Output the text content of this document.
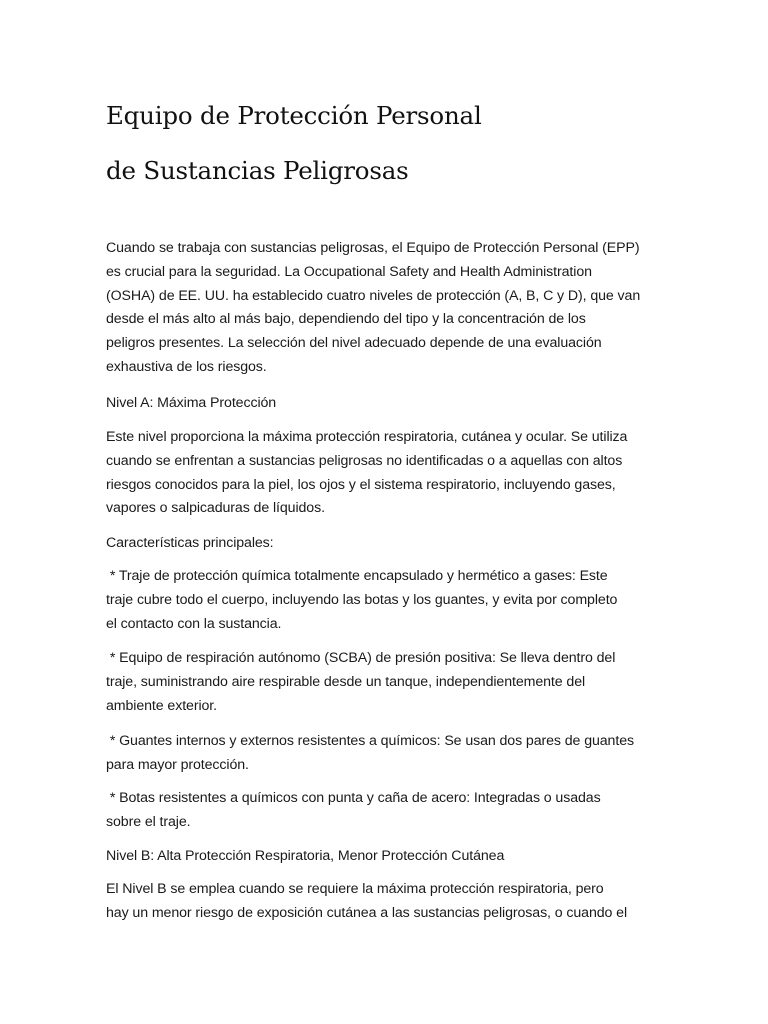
Equipo de Protección Personal
de Sustancias Peligrosas

Cuando se trabaja con sustancias peligrosas, el Equipo de Protección Personal (EPP)
es crucial para la seguridad. La Occupational Safety and Health Administration
(OSHA) de EE. UU. ha establecido cuatro niveles de protección (A, B, C y D), que van
desde el más alto al más bajo, dependiendo del tipo y la concentración de los
peligros presentes. La selección del nivel adecuado depende de una evaluación
exhaustiva de los riesgos.

Nivel A: Máxima Protección

Este nivel proporciona la máxima protección respiratoria, cutánea y ocular. Se utiliza
cuando se enfrentan a sustancias peligrosas no identificadas o a aquellas con altos
riesgos conocidos para la piel, los ojos y el sistema respiratorio, incluyendo gases,
vapores o salpicaduras de líquidos.

Características principales:

* Traje de protección química totalmente encapsulado y hermético a gases: Este
traje cubre todo el cuerpo, incluyendo las botas y los guantes, y evita por completo
el contacto con la sustancia.

* Equipo de respiración autónomo (SCBA) de presión positiva: Se lleva dentro del
traje, suministrando aire respirable desde un tanque, independientemente del
ambiente exterior.

* Guantes internos y externos resistentes a químicos: Se usan dos pares de guantes
para mayor protección.

* Botas resistentes a químicos con punta y caña de acero: Integradas o usadas
sobre el traje.

Nivel B: Alta Protección Respiratoria, Menor Protección Cutánea

El Nivel B se emplea cuando se requiere la máxima protección respiratoria, pero
hay un menor riesgo de exposición cutánea a las sustancias peligrosas, o cuando el
